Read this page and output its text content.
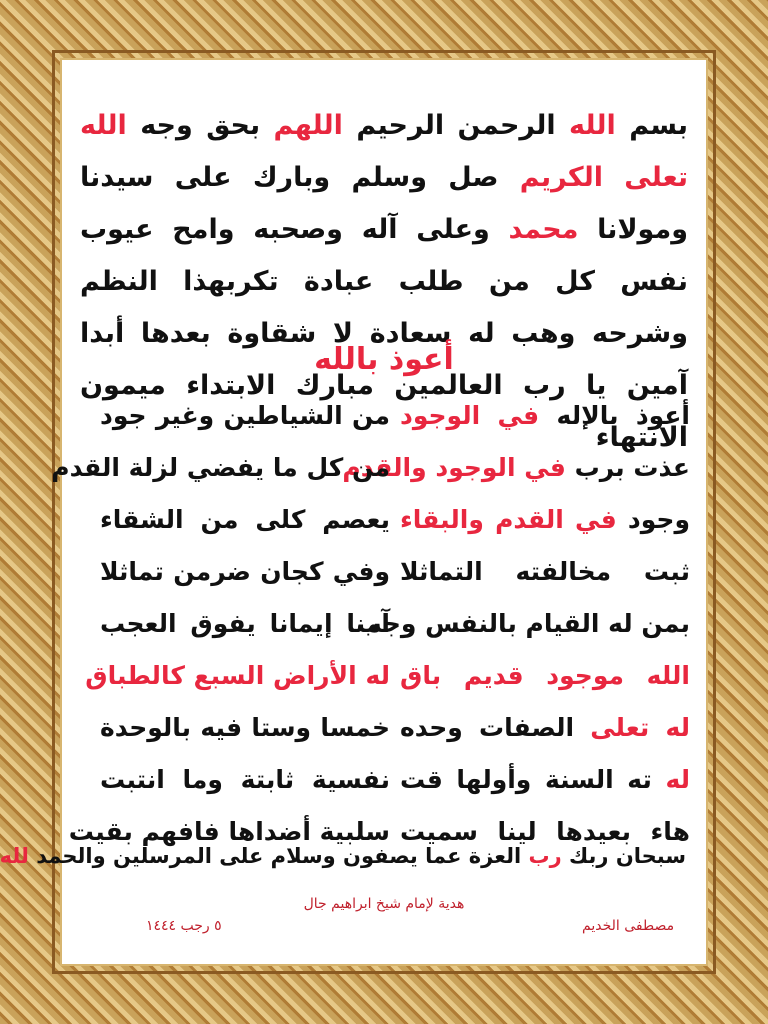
بسم الله الرحمن الرحيم اللهم بحق وجه الله تعلى الكريم صل وسلم وبارك على سيدنا ومولانا محمد وعلى آله وصحبه وامح عيوب نفس كل من طلب عبادة تكربهذا النظم وشرحه وهب له سعادة لا شقاوة بعدها أبدا آمين يا رب العالمين مبارك الابتداء ميمون الانتهاء
أعوذ بالله
أعوذ بالإله في الوجود
عذت برب في الوجود والقدم
وجود في القدم والبقاء
ثبت مخالفته التماثلا
بمن له القيام بالنفس وجب
الله موجود قديم باق
له تعلى الصفات وحده
له ته السنة وأولها قت
هاء بعيدها لينا سميت
من الشياطين وغير جود
من كل ما يفضي لزلة القدم
يعصم كلى من الشقاء
وفي كجان ضرمن تماثلا
آمنا إيمانا يفوق العجب
له الأراض السبع كالطباق
خمسا وستا فيه بالوحدة
نفسية ثابتة وما انتبت
سلبية أضداها فافهم بقيت
سبحان ربك رب العزة عما يصفون وسلام على المرسلين والحمد لله
هدية لإمام شيخ ابراهيم جال
٥ رجب ١٤٤٤	مصطفى الخديم
